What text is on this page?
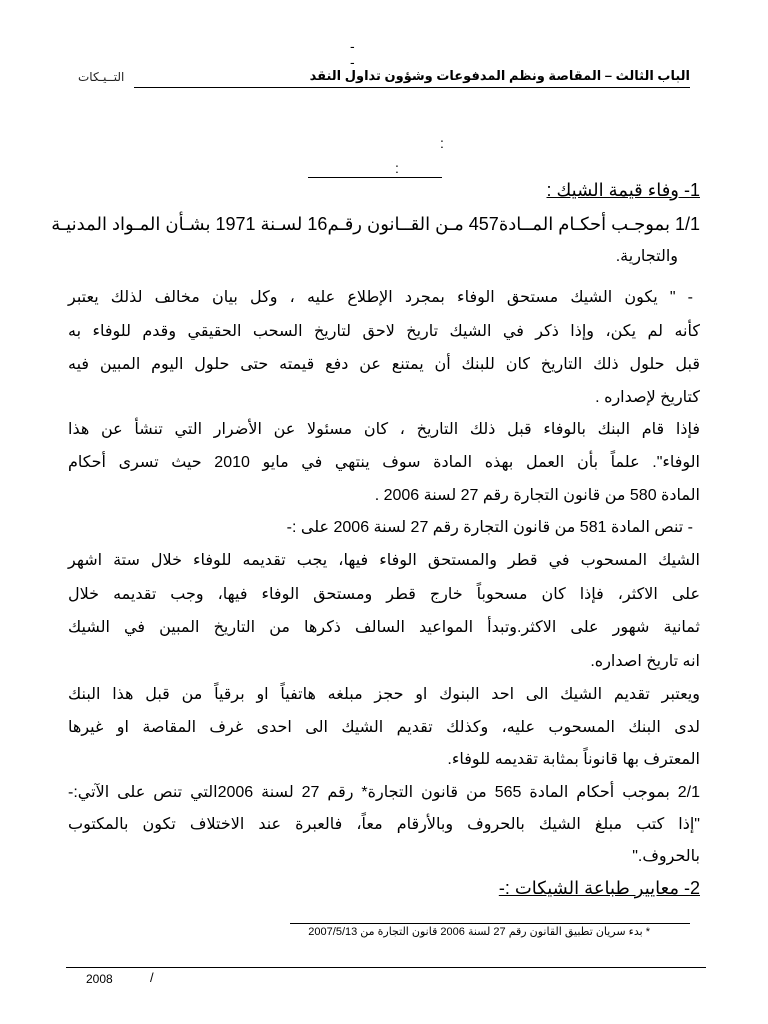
- -
التــيـكات	الباب الثالث – المقاصة ونظم المدفوعات وشؤون تداول النقد
:
:
1- وفاء قيمة الشيك :
1/1 بموجـب أحكـام المــادة457 مـن القــانون رقـم16 لسـنة 1971 بشـأن المـواد المدنيـة
والتجارية.
- " يكون الشيك مستحق الوفاء بمجرد الإطلاع عليه ، وكل بيان مخالف لذلك يعتبر
كأنه لم يكن، وإذا ذكر في الشيك تاريخ لاحق لتاريخ السحب الحقيقي وقدم للوفاء به
قبل حلول ذلك التاريخ كان للبنك أن يمتنع عن دفع قيمته حتى حلول اليوم المبين فيه
كتاريخ لإصداره .
فإذا قام البنك بالوفاء قبل ذلك التاريخ ، كان مسئولا عن الأضرار التي تنشأ عن هذا
الوفاء". علماً بأن العمل بهذه المادة سوف ينتهي في مايو 2010 حيث تسرى أحكام
المادة 580 من قانون التجارة رقم 27 لسنة 2006 .
- تنص المادة 581 من قانون التجارة رقم 27 لسنة 2006 على :-
الشيك المسحوب في قطر والمستحق الوفاء فيها، يجب تقديمه للوفاء خلال ستة اشهر
على الاكثر، فإذا كان مسحوباً خارج قطر ومستحق الوفاء فيها، وجب تقديمه خلال
ثمانية شهور على الاكثر.وتبدأ المواعيد السالف ذكرها من التاريخ المبين في الشيك
انه تاريخ اصداره.
ويعتبر تقديم الشيك الى احد البنوك او حجز مبلغه هاتفياً او برقياً من قبل هذا البنك
لدى البنك المسحوب عليه، وكذلك تقديم الشيك الى احدى غرف المقاصة او غيرها
المعترف بها قانوناً بمثابة تقديمه للوفاء.
2/1 بموجب أحكام المادة 565 من قانون التجارة* رقم 27 لسنة 2006التي تنص على الآتي:-
"إذا كتب مبلغ الشيك بالحروف وبالأرقام معاً، فالعبرة عند الاختلاف تكون بالمكتوب
بالحروف."
2- معايير طباعة الشيكات :-
* بدء سريان تطبيق القانون رقم 27 لسنة 2006 قانون التجارة من 2007/5/13
2008	/
